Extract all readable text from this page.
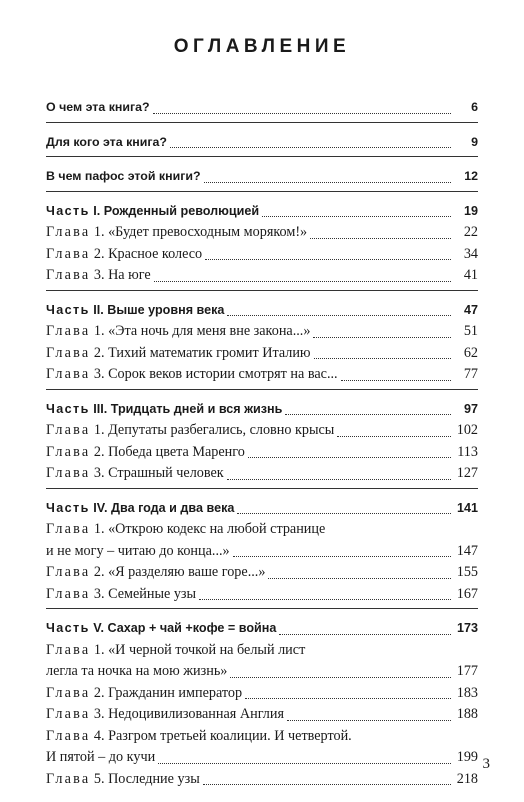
ОГЛАВЛЕНИЕ
О чем эта книга?	6
Для кого эта книга?	9
В чем пафос этой книги?	12
Часть I. Рожденный революцией	19
Глава 1. «Будет превосходным моряком!»	22
Глава 2. Красное колесо	34
Глава 3. На юге	41
Часть II. Выше уровня века	47
Глава 1. «Эта ночь для меня вне закона...»	51
Глава 2. Тихий математик громит Италию	62
Глава 3. Сорок веков истории смотрят на вас...	77
Часть III. Тридцать дней и вся жизнь	97
Глава 1. Депутаты разбегались, словно крысы	102
Глава 2. Победа цвета Маренго	113
Глава 3. Страшный человек	127
Часть IV. Два года и два века	141
Глава 1. «Открою кодекс на любой странице
и не могу – читаю до конца...»	147
Глава 2. «Я разделяю ваше горе...»	155
Глава 3. Семейные узы	167
Часть V. Сахар + чай +кофе = война	173
Глава 1. «И черной точкой на белый лист
легла та ночка на мою жизнь»	177
Глава 2. Гражданин император	183
Глава 3. Недоцивилизованная Англия	188
Глава 4. Разгром третьей коалиции. И четвертой.
И пятой – до кучи	199
Глава 5. Последние узы	218
3
